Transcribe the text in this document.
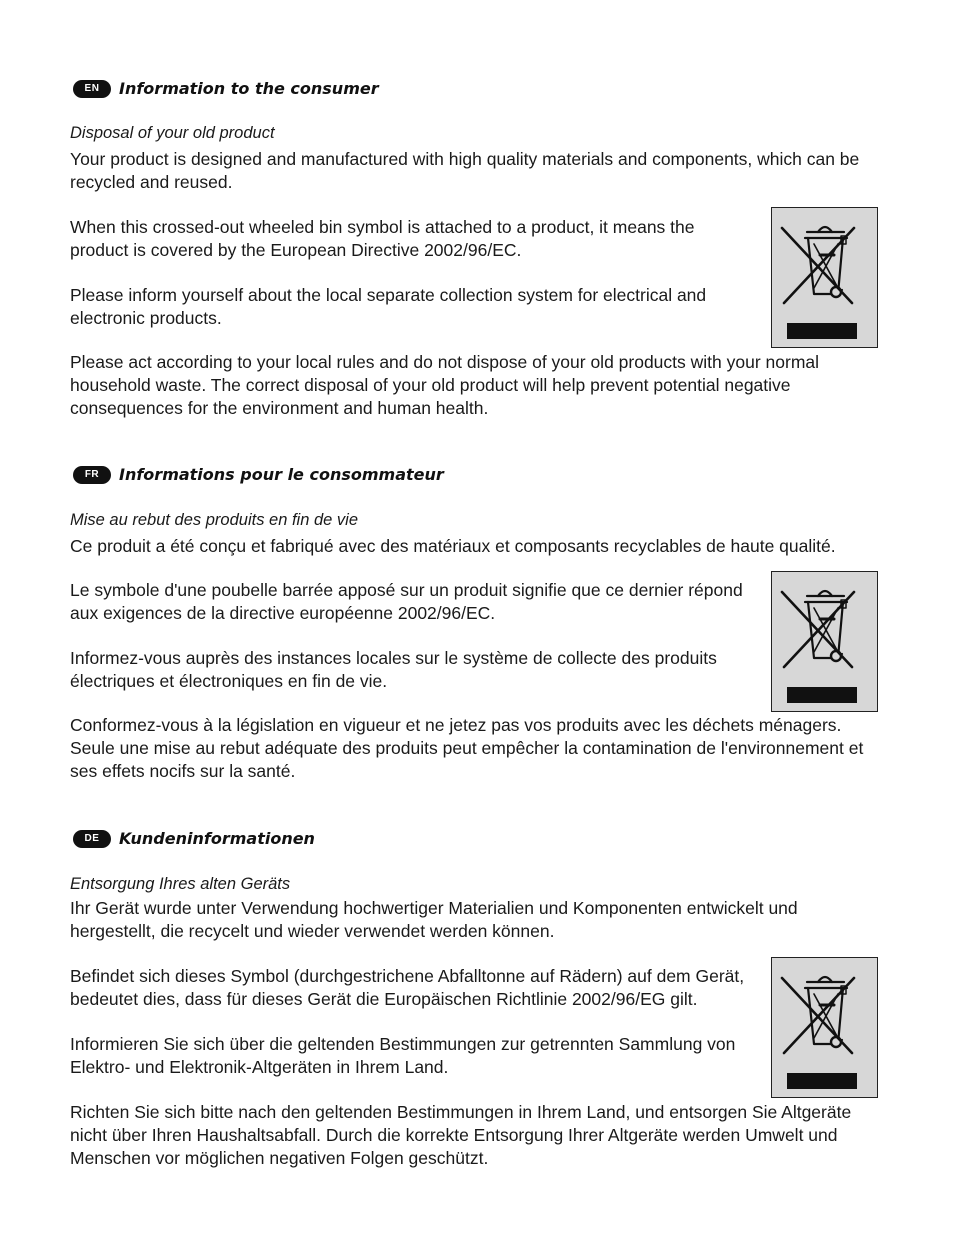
EN	Information to the consumer
Disposal of your old product

Your product is designed and manufactured with high quality materials and components, which can be recycled and reused.

When this crossed-out wheeled bin symbol is attached to a product, it means the product is covered by the European Directive 2002/96/EC.

Please inform yourself about the local separate collection system for electrical and electronic products.

Please act according to your local rules and do not dispose of your old products with your normal household waste. The correct disposal of your old product will help prevent potential negative consequences for the environment and human health.

FR	Informations pour le consommateur
Mise au rebut des produits en fin de vie

Ce produit a été conçu et fabriqué avec des matériaux et composants recyclables de haute qualité.

Le symbole d'une poubelle barrée apposé sur un produit signifie que ce dernier répond aux exigences de la directive européenne 2002/96/EC.

Informez-vous auprès des instances locales sur le système de collecte des produits électriques et électroniques en fin de vie.

Conformez-vous à la législation en vigueur et ne jetez pas vos produits avec les déchets ménagers. Seule une mise au rebut adéquate des produits peut empêcher la contamination de l'environnement et ses effets nocifs sur la santé.

DE	Kundeninformationen
Entsorgung Ihres alten Geräts

Ihr Gerät wurde unter Verwendung hochwertiger Materialien und Komponenten entwickelt und hergestellt, die recycelt und wieder verwendet werden können.

Befindet sich dieses Symbol (durchgestrichene Abfalltonne auf Rädern) auf dem Gerät, bedeutet dies, dass für dieses Gerät die Europäischen Richtlinie 2002/96/EG gilt.

Informieren Sie sich über die geltenden Bestimmungen zur getrennten Sammlung von Elektro- und Elektronik-Altgeräten in Ihrem Land.

Richten Sie sich bitte nach den geltenden Bestimmungen in Ihrem Land, und entsorgen Sie Altgeräte nicht über Ihren Haushaltsabfall. Durch die korrekte Entsorgung Ihrer Altgeräte werden Umwelt und Menschen vor möglichen negativen Folgen geschützt.
